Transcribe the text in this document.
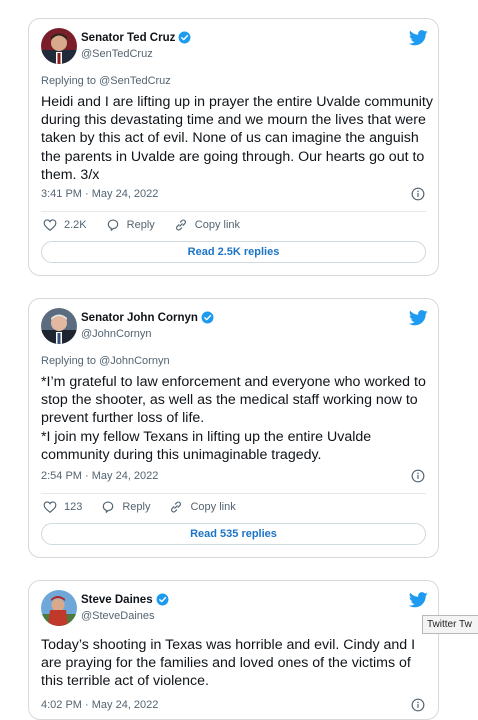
Senator Ted Cruz
@SenTedCruz
Replying to @SenTedCruz
Heidi and I are lifting up in prayer the entire Uvalde community during this devastating time and we mourn the lives that were taken by this act of evil. None of us can imagine the anguish the parents in Uvalde are going through. Our hearts go out to them. 3/x
3:41 PM · May 24, 2022
2.2K	Reply	Copy link
Read 2.5K replies
Senator John Cornyn
@JohnCornyn
Replying to @JohnCornyn
*I’m grateful to law enforcement and everyone who worked to stop the shooter, as well as the medical staff working now to prevent further loss of life.
*I join my fellow Texans in lifting up the entire Uvalde community during this unimaginable tragedy.
2:54 PM · May 24, 2022
123	Reply	Copy link
Read 535 replies
Steve Daines
@SteveDaines
Today’s shooting in Texas was horrible and evil. Cindy and I are praying for the families and loved ones of the victims of this terrible act of violence.
4:02 PM · May 24, 2022
Twitter Tw
